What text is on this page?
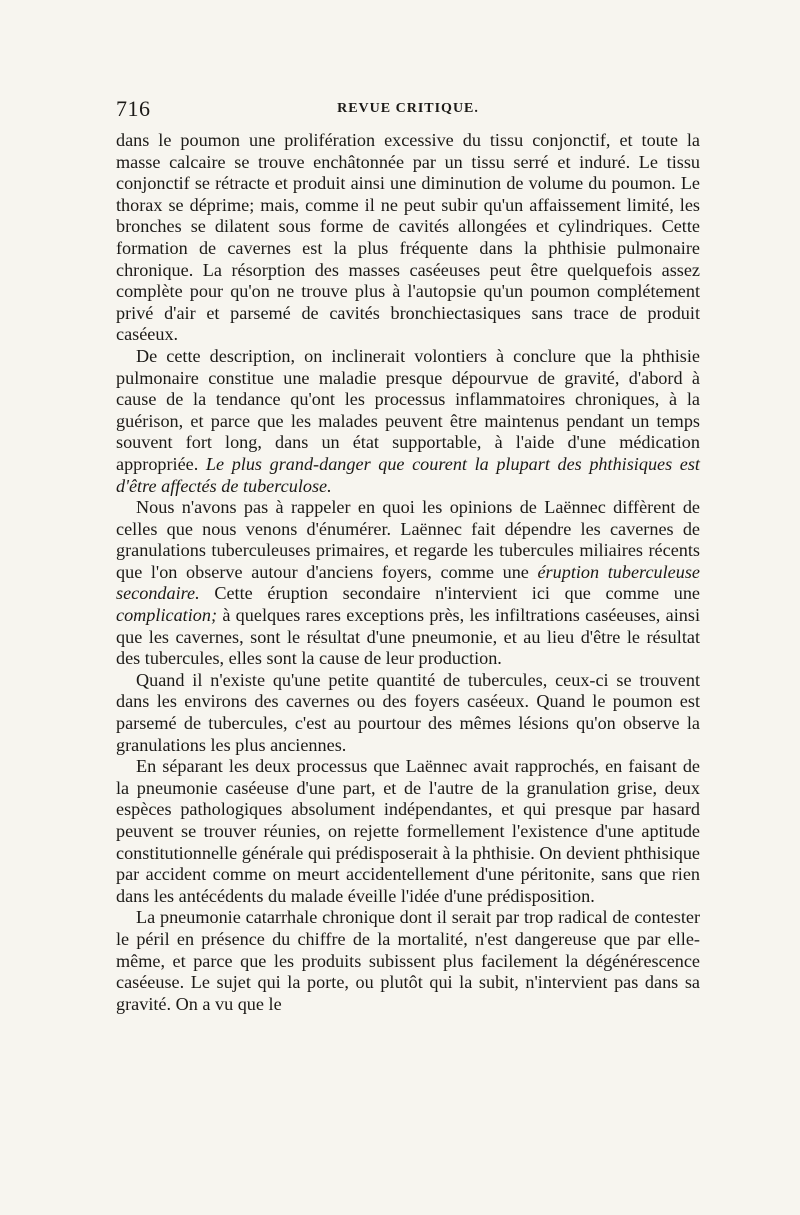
716	REVUE CRITIQUE.

dans le poumon une prolifération excessive du tissu conjonctif, et toute la masse calcaire se trouve enchâtonnée par un tissu serré et induré. Le tissu conjonctif se rétracte et produit ainsi une diminution de volume du poumon. Le thorax se déprime; mais, comme il ne peut subir qu'un affaissement limité, les bronches se dilatent sous forme de cavités allongées et cylindriques. Cette formation de cavernes est la plus fréquente dans la phthisie pulmonaire chronique. La résorption des masses caséeuses peut être quelquefois assez complète pour qu'on ne trouve plus à l'autopsie qu'un poumon complétement privé d'air et parsemé de cavités bronchiectasiques sans trace de produit caséeux.

De cette description, on inclinerait volontiers à conclure que la phthisie pulmonaire constitue une maladie presque dépourvue de gravité, d'abord à cause de la tendance qu'ont les processus inflammatoires chroniques, à la guérison, et parce que les malades peuvent être maintenus pendant un temps souvent fort long, dans un état supportable, à l'aide d'une médication appropriée. Le plus grand-danger que courent la plupart des phthisiques est d'être affectés de tuberculose.

Nous n'avons pas à rappeler en quoi les opinions de Laënnec diffèrent de celles que nous venons d'énumérer. Laënnec fait dépendre les cavernes de granulations tuberculeuses primaires, et regarde les tubercules miliaires récents que l'on observe autour d'anciens foyers, comme une éruption tuberculeuse secondaire. Cette éruption secondaire n'intervient ici que comme une complication; à quelques rares exceptions près, les infiltrations caséeuses, ainsi que les cavernes, sont le résultat d'une pneumonie, et au lieu d'être le résultat des tubercules, elles sont la cause de leur production.

Quand il n'existe qu'une petite quantité de tubercules, ceux-ci se trouvent dans les environs des cavernes ou des foyers caséeux. Quand le poumon est parsemé de tubercules, c'est au pourtour des mêmes lésions qu'on observe la granulations les plus anciennes.

En séparant les deux processus que Laënnec avait rapprochés, en faisant de la pneumonie caséeuse d'une part, et de l'autre de la granulation grise, deux espèces pathologiques absolument indépendantes, et qui presque par hasard peuvent se trouver réunies, on rejette formellement l'existence d'une aptitude constitutionnelle générale qui prédisposerait à la phthisie. On devient phthisique par accident comme on meurt accidentellement d'une péritonite, sans que rien dans les antécédents du malade éveille l'idée d'une prédisposition.

La pneumonie catarrhale chronique dont il serait par trop radical de contester le péril en présence du chiffre de la mortalité, n'est dangereuse que par elle-même, et parce que les produits subissent plus facilement la dégénérescence caséeuse. Le sujet qui la porte, ou plutôt qui la subit, n'intervient pas dans sa gravité. On a vu que le
